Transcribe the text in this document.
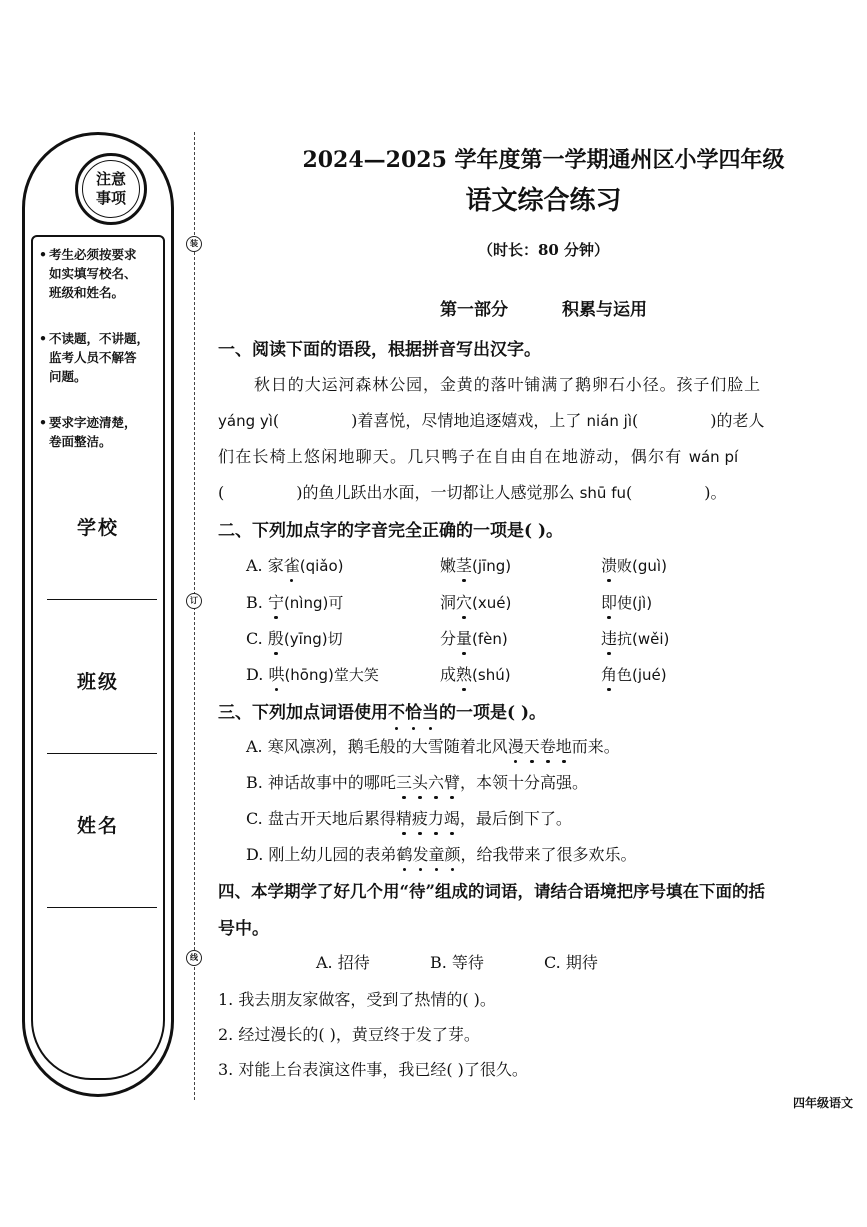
注意
事项
• 考生必须按要求
如实填写校名、
班级和姓名。
• 不读题，不讲题，
监考人员不解答
问题。
• 要求字迹清楚，
卷面整洁。
学校
班级
姓名
装
订
线
2024—2025 学年度第一学期通州区小学四年级
语文综合练习
（时长：80 分钟）
第一部分	积累与运用
一、阅读下面的语段，根据拼音写出汉字。
秋日的大运河森林公园，金黄的落叶铺满了鹅卵石小径。孩子们脸上
yáng yì(	)着喜悦，尽情地追逐嬉戏，上了 nián jì(	)的老人
们在长椅上悠闲地聊天。几只鸭子在自由自在地游动，偶尔有 wán pí
(	)的鱼儿跃出水面，一切都让人感觉那么 shū fu(	)。
二、下列加点字的字音完全正确的一项是( )。
A. 家雀(qiǎo)	嫩茎(jīng)	溃败(guì)
B. 宁(nìng)可	洞穴(xué)	即使(jì)
C. 殷(yīng)切	分量(fèn)	违抗(wěi)
D. 哄(hōng)堂大笑	成熟(shú)	角色(jué)
三、下列加点词语使用不恰当的一项是( )。
A. 寒风凛冽，鹅毛般的大雪随着北风漫天卷地而来。
B. 神话故事中的哪吒三头六臂，本领十分高强。
C. 盘古开天地后累得精疲力竭，最后倒下了。
D. 刚上幼儿园的表弟鹤发童颜，给我带来了很多欢乐。
四、本学期学了好几个用“待”组成的词语，请结合语境把序号填在下面的括
号中。
A. 招待	B. 等待	C. 期待
1. 我去朋友家做客，受到了热情的( )。
2. 经过漫长的( )，黄豆终于发了芽。
3. 对能上台表演这件事，我已经( )了很久。
四年级语文
